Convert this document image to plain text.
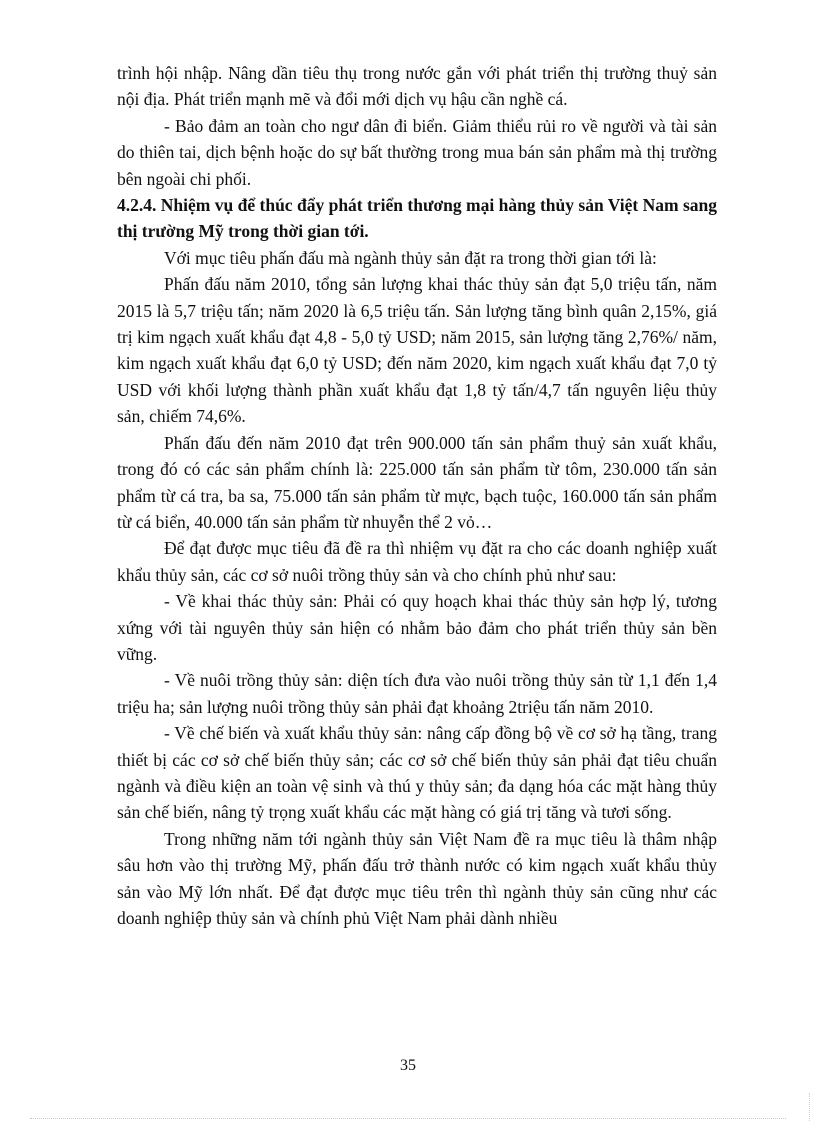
trình hội nhập. Nâng dần tiêu thụ trong nước gắn với phát triển thị trường thuỷ sản nội địa. Phát triển mạnh mẽ và đổi mới dịch vụ hậu cần nghề cá.

- Bảo đảm an toàn cho ngư dân đi biển. Giảm thiểu rủi ro về người và tài sản do thiên tai, dịch bệnh hoặc do sự bất thường trong mua bán sản phẩm mà thị trường bên ngoài chi phối.

4.2.4. Nhiệm vụ để thúc đẩy phát triển thương mại hàng thủy sản Việt Nam sang thị trường Mỹ trong thời gian tới.

Với mục tiêu phấn đấu mà ngành thủy sản đặt ra trong thời gian tới là:

Phấn đấu năm 2010, tổng sản lượng khai thác thủy sản đạt 5,0 triệu tấn, năm 2015 là 5,7 triệu tấn; năm 2020 là 6,5 triệu tấn. Sản lượng tăng bình quân 2,15%, giá trị kim ngạch xuất khẩu đạt 4,8 - 5,0 tỷ USD; năm 2015, sản lượng tăng 2,76%/ năm, kim ngạch xuất khẩu đạt 6,0 tỷ USD; đến năm 2020, kim ngạch xuất khẩu đạt 7,0 tỷ USD với khối lượng thành phần xuất khẩu đạt 1,8 tỷ tấn/4,7 tấn nguyên liệu thủy sản, chiếm 74,6%.

Phấn đấu đến năm 2010 đạt trên 900.000 tấn sản phẩm thuỷ sản xuất khẩu, trong đó có các sản phẩm chính là: 225.000 tấn sản phẩm từ tôm, 230.000 tấn sản phẩm từ cá tra, ba sa, 75.000 tấn sản phẩm từ mực, bạch tuộc, 160.000 tấn sản phẩm từ cá biển, 40.000 tấn sản phẩm từ nhuyễn thể 2 vỏ…

Để đạt được mục tiêu đã đề ra thì nhiệm vụ đặt ra cho các doanh nghiệp xuất khẩu thủy sản, các cơ sở nuôi trồng thủy sản và cho chính phủ như sau:

- Về khai thác thủy sản: Phải có quy hoạch khai thác thủy sản hợp lý, tương xứng với tài nguyên thủy sản hiện có nhằm bảo đảm cho phát triển thủy sản bền vững.

- Về nuôi trồng thủy sản: diện tích đưa vào nuôi trồng thủy sản từ 1,1 đến 1,4 triệu ha; sản lượng nuôi trồng thủy sản phải đạt khoảng 2triệu tấn năm 2010.

- Về chế biến và xuất khẩu thủy sản: nâng cấp đồng bộ về cơ sở hạ tầng, trang thiết bị các cơ sở chế biến thủy sản; các cơ sở chế biến thủy sản phải đạt tiêu chuẩn ngành và điều kiện an toàn vệ sinh và thú y thủy sản; đa dạng hóa các mặt hàng thủy sản chế biến, nâng tỷ trọng xuất khẩu các mặt hàng có giá trị tăng và tươi sống.

Trong những năm tới ngành thủy sản Việt Nam đề ra mục tiêu là thâm nhập sâu hơn vào thị trường Mỹ, phấn đấu trở thành nước có kim ngạch xuất khẩu thủy sản vào Mỹ lớn nhất. Để đạt được mục tiêu trên thì ngành thủy sản cũng như các doanh nghiệp thủy sản và chính phủ Việt Nam phải dành nhiều

35
